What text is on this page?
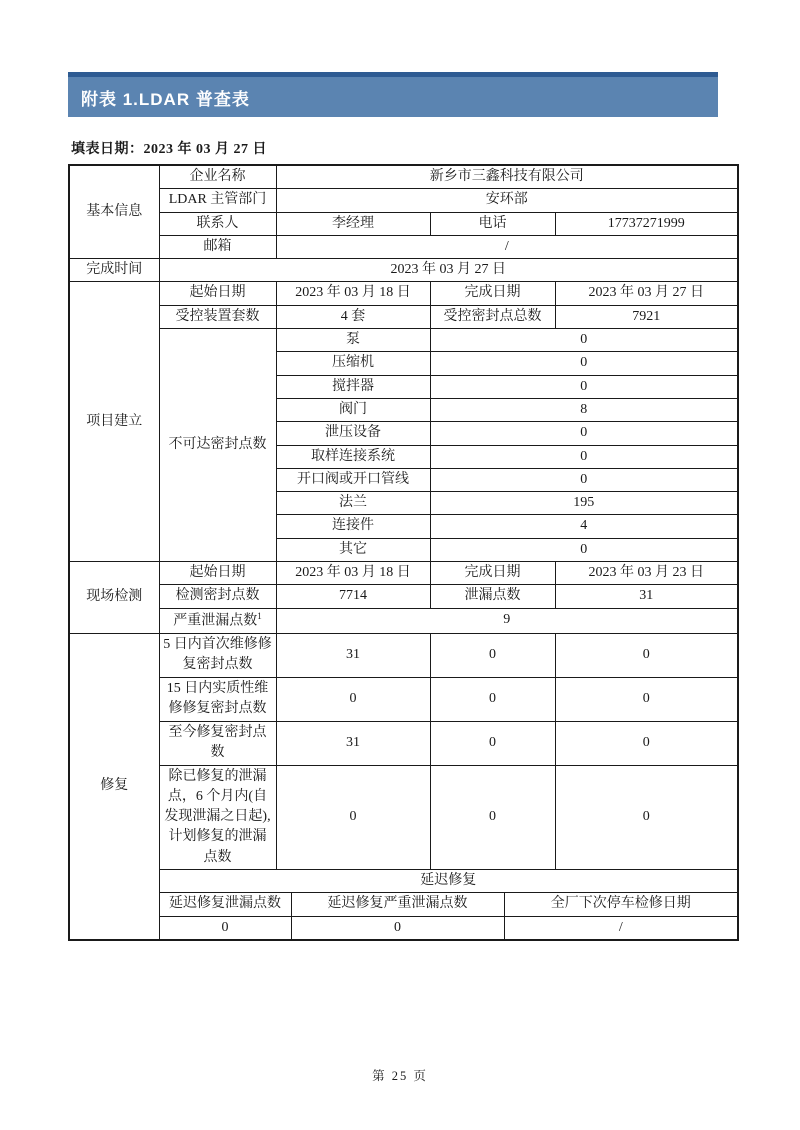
附表 1.LDAR 普查表
填表日期：2023 年 03 月 27 日
基本信息	企业名称	新乡市三鑫科技有限公司				
	LDAR 主管部门	安环部				
	联系人	李经理		电话		17737271999
	邮箱	/				
完成时间	2023 年 03 月 27 日					
项目建立	起始日期	2023 年 03 月 18 日		完成日期		2023 年 03 月 27 日
	受控装置套数	4 套		受控密封点总数		7921
	不可达密封点数	泵		0		
		压缩机		0		
		搅拌器		0		
		阀门		8		
		泄压设备		0		
		取样连接系统		0		
		开口阀或开口管线		0		
		法兰		195		
		连接件		4		
		其它		0		
现场检测	起始日期	2023 年 03 月 18 日		完成日期		2023 年 03 月 23 日
	检测密封点数	7714		泄漏点数		31
	严重泄漏点数$^1$	9				
修复	5 日内首次维修修复密封点数	31		0		0
	15 日内实质性维修修复密封点数	0		0		0
	至今修复密封点数	31		0		0
	除已修复的泄漏点，6 个月内(自发现泄漏之日起),计划修复的泄漏点数	0		0		0
	延迟修复					
	延迟修复泄漏点数		延迟修复严重泄漏点数		全厂下次停车检修日期	
	0		0		/	
第 25 页
